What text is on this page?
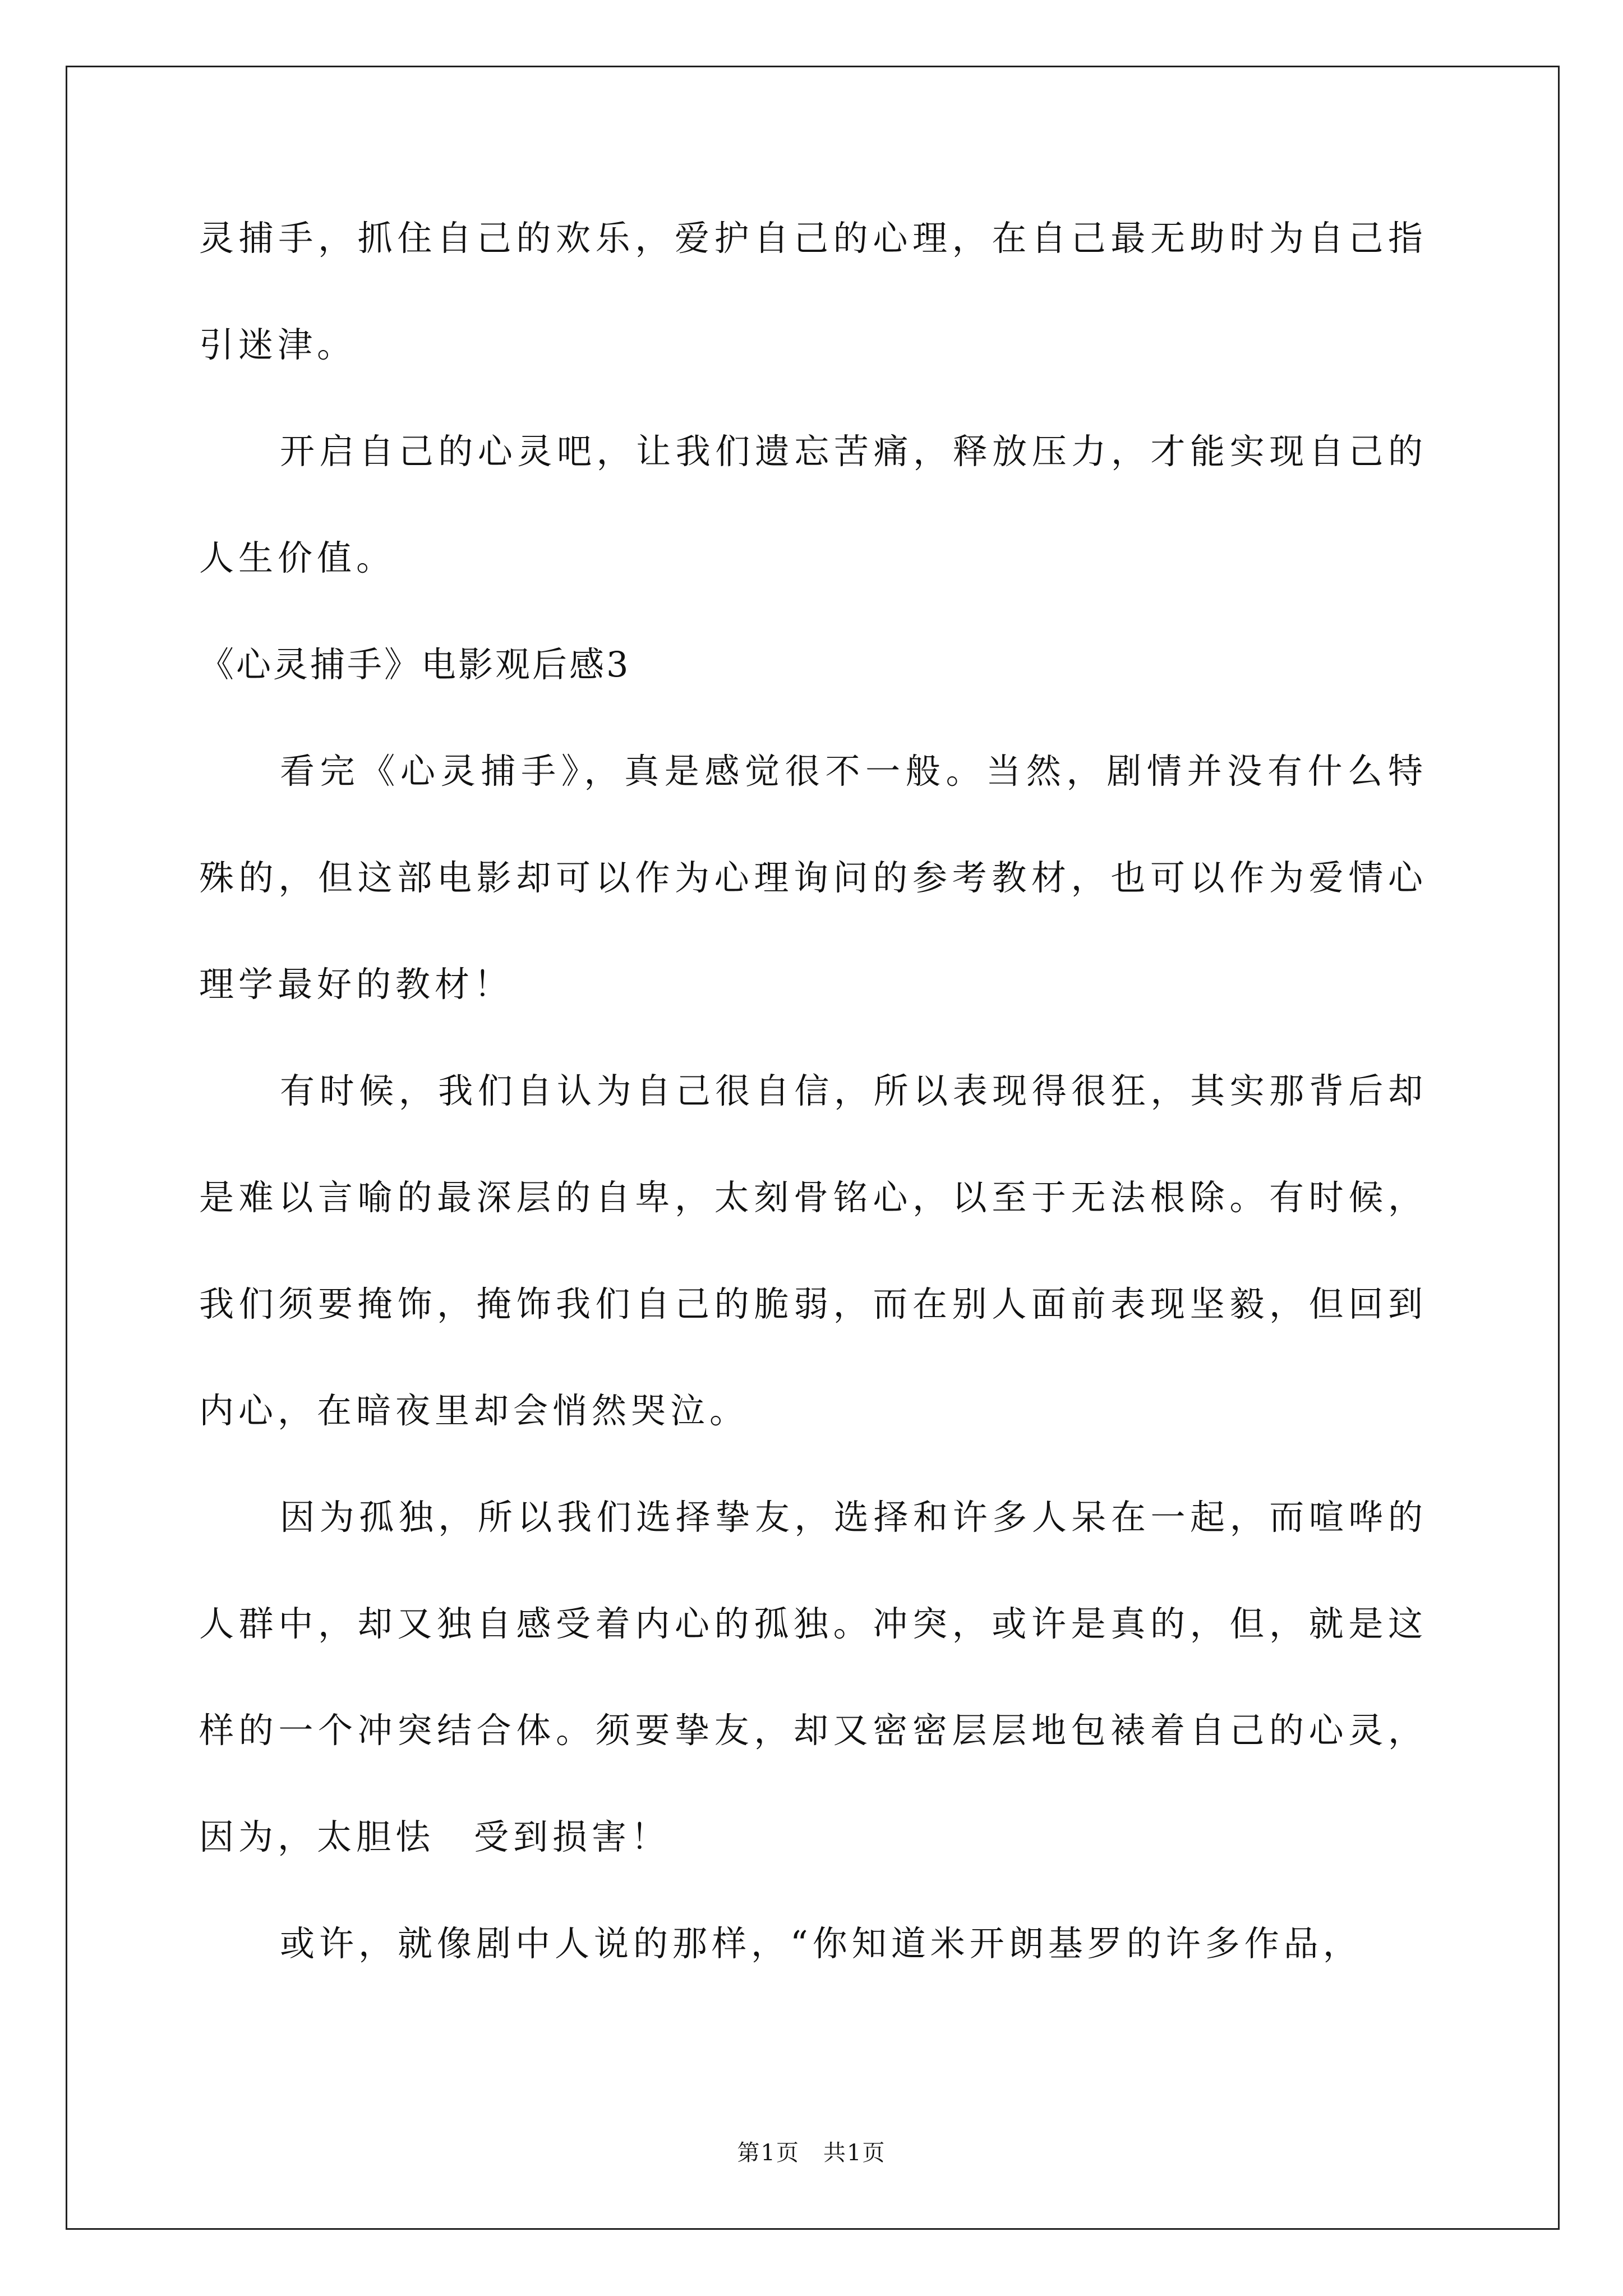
灵捕手，抓住自己的欢乐，爱护自己的心理，在自己最无助时为自己指引迷津。

开启自己的心灵吧，让我们遗忘苦痛，释放压力，才能实现自己的人生价值。

《心灵捕手》电影观后感3

看完《心灵捕手》，真是感觉很不一般。当然，剧情并没有什么特殊的，但这部电影却可以作为心理询问的参考教材，也可以作为爱情心理学最好的教材！

有时候，我们自认为自己很自信，所以表现得很狂，其实那背后却是难以言喻的最深层的自卑，太刻骨铭心，以至于无法根除。有时候，我们须要掩饰，掩饰我们自己的脆弱，而在别人面前表现坚毅，但回到内心，在暗夜里却会悄然哭泣。

因为孤独，所以我们选择挚友，选择和许多人呆在一起，而喧哗的人群中，却又独自感受着内心的孤独。冲突，或许是真的，但，就是这样的一个冲突结合体。须要挚友，却又密密层层地包裱着自己的心灵，因为，太胆怯　受到损害！

或许，就像剧中人说的那样，“你知道米开朗基罗的许多作品，

第1页　共1页
